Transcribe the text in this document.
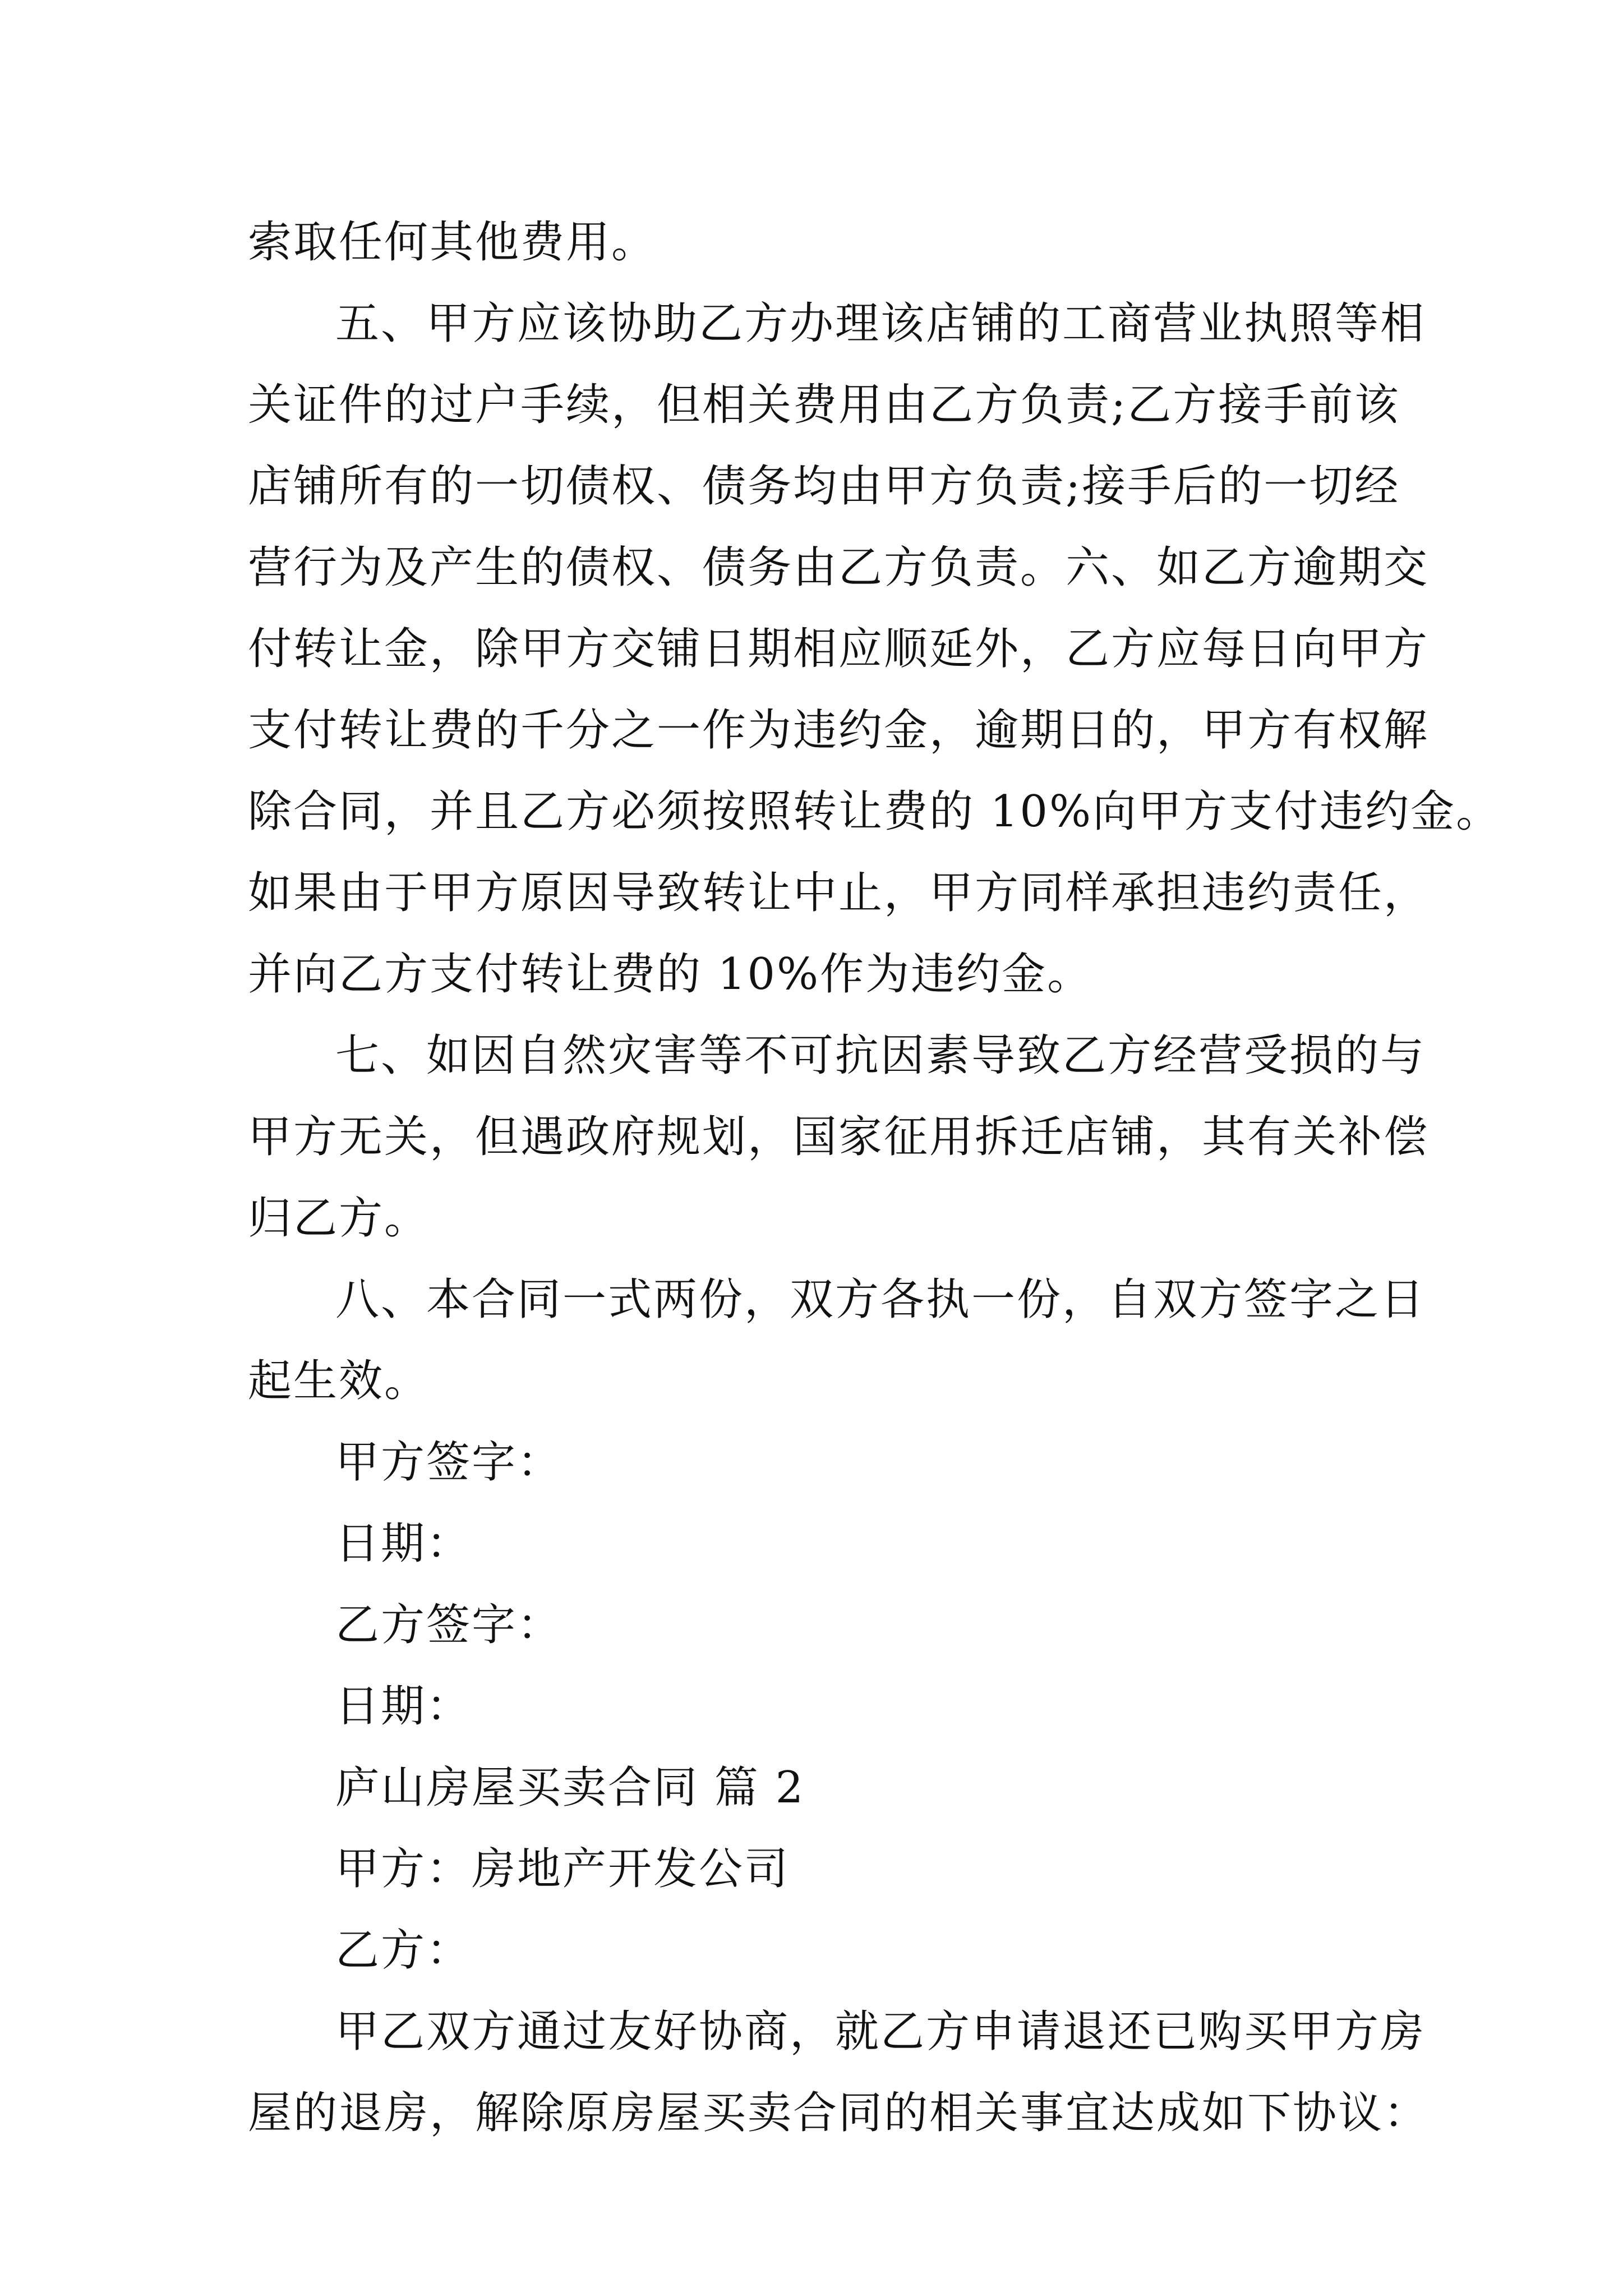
索取任何其他费用。
五、甲方应该协助乙方办理该店铺的工商营业执照等相
关证件的过户手续，但相关费用由乙方负责;乙方接手前该
店铺所有的一切债权、债务均由甲方负责;接手后的一切经
营行为及产生的债权、债务由乙方负责。六、如乙方逾期交
付转让金，除甲方交铺日期相应顺延外，乙方应每日向甲方
支付转让费的千分之一作为违约金，逾期日的，甲方有权解
除合同，并且乙方必须按照转让费的 10%向甲方支付违约金。
如果由于甲方原因导致转让中止，甲方同样承担违约责任，
并向乙方支付转让费的 10%作为违约金。
七、如因自然灾害等不可抗因素导致乙方经营受损的与
甲方无关，但遇政府规划，国家征用拆迁店铺，其有关补偿
归乙方。
八、本合同一式两份，双方各执一份，自双方签字之日
起生效。
甲方签字：
日期：
乙方签字：
日期：
庐山房屋买卖合同 篇 2
甲方：房地产开发公司
乙方：
甲乙双方通过友好协商，就乙方申请退还已购买甲方房
屋的退房，解除原房屋买卖合同的相关事宜达成如下协议：
